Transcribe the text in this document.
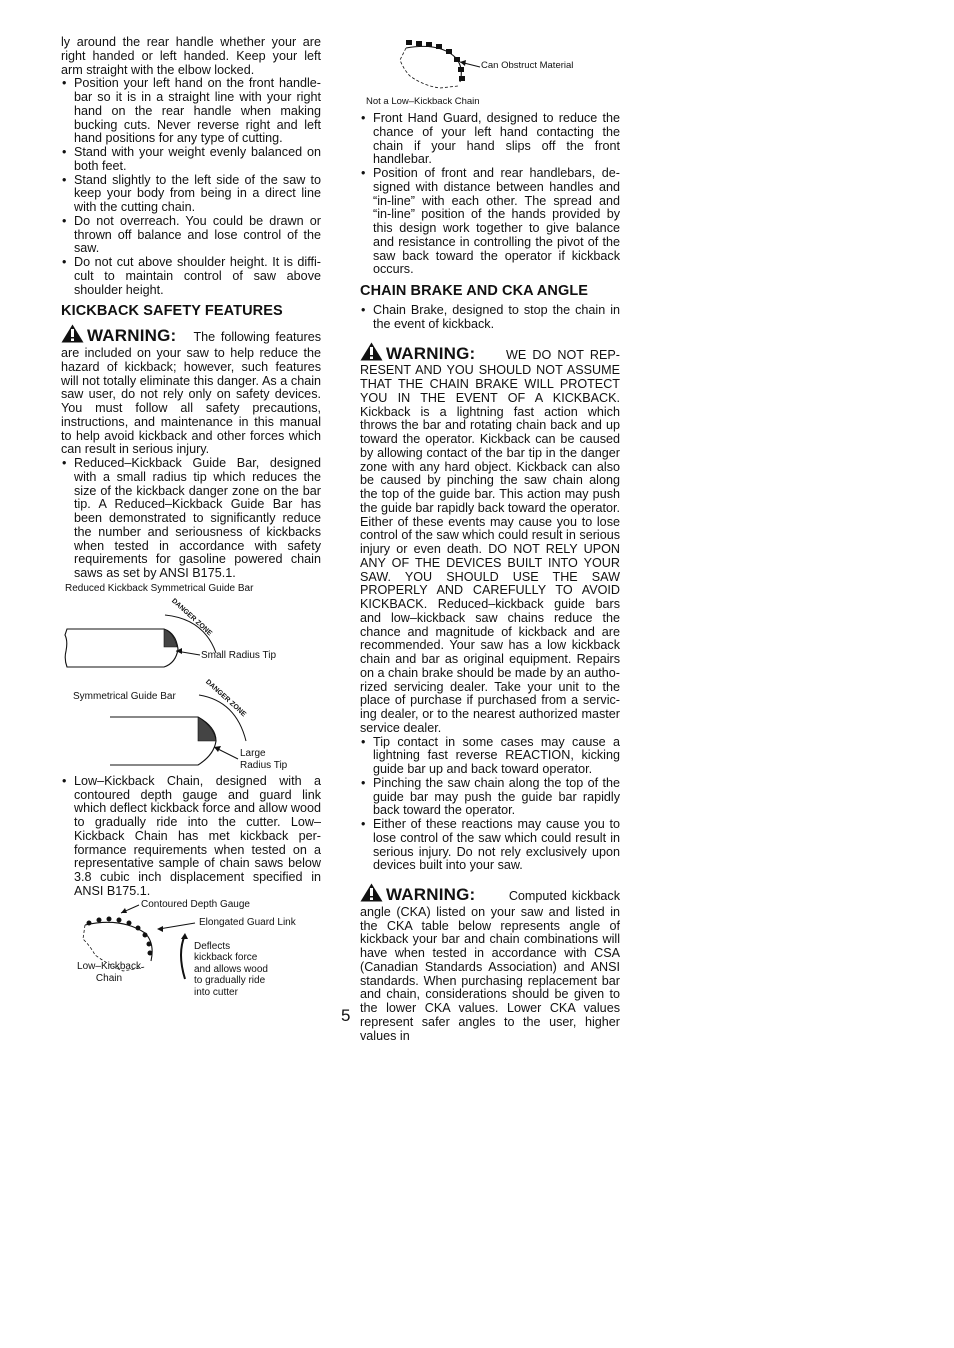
ly around the rear handle whether your are right handed or left handed. Keep your left arm straight with the elbow locked.

• Position your left hand on the front handlebar so it is in a straight line with your right hand on the rear handle when making bucking cuts. Never reverse right and left hand positions for any type of cutting.
• Stand with your weight evenly balanced on both feet.
• Stand slightly to the left side of the saw to keep your body from being in a direct line with the cutting chain.
• Do not overreach. You could be drawn or thrown off balance and lose control of the saw.
• Do not cut above shoulder height. It is difficult to maintain control of saw above shoulder height.
KICKBACK SAFETY FEATURES

WARNING: The following features are included on your saw to help reduce the hazard of kickback; however, such features will not totally eliminate this danger. As a chain saw user, do not rely only on safety devices. You must follow all safety precautions, instructions, and maintenance in this manual to help avoid kickback and other forces which can result in serious injury.

• Reduced–Kickback Guide Bar, designed with a small radius tip which reduces the size of the kickback danger zone on the bar tip. A Reduced–Kickback Guide Bar has been demonstrated to significantly reduce the number and seriousness of kickbacks when tested in accordance with safety requirements for gasoline powered chain saws as set by ANSI B175.1.
Reduced Kickback Symmetrical Guide Bar
DANGER ZONE
Small Radius Tip
Symmetrical Guide Bar	DANGER ZONE
Large
Radius Tip
• Low–Kickback Chain, designed with a contoured depth gauge and guard link which deflect kickback force and allow wood to gradually ride into the cutter. Low–Kickback Chain has met kickback performance requirements when tested on a representative sample of chain saws below 3.8 cubic inch displacement specified in ANSI B175.1.
Contoured Depth Gauge
Elongated Guard Link
Deflects
kickback force
and allows wood
to gradually ride
into cutter
Low–Kickback
Chain
5
Can Obstruct Material
Not a Low–Kickback Chain
• Front Hand Guard, designed to reduce the chance of your left hand contacting the chain if your hand slips off the front handlebar.
• Position of front and rear handlebars, designed with distance between handles and “in‑line” with each other. The spread and “in‑line” position of the hands provided by this design work together to give balance and resistance in controlling the pivot of the saw back toward the operator if kickback occurs.
CHAIN BRAKE AND CKA ANGLE
• Chain Brake, designed to stop the chain in the event of kickback.

WARNING: WE DO NOT REPRESENT AND YOU SHOULD NOT ASSUME THAT THE CHAIN BRAKE WILL PROTECT YOU IN THE EVENT OF A KICKBACK. Kickback is a lightning fast action which throws the bar and rotating chain back and up toward the operator. Kickback can be caused by allowing contact of the bar tip in the danger zone with any hard object. Kickback can also be caused by pinching the saw chain along the top of the guide bar. This action may push the guide bar rapidly back toward the operator. Either of these events may cause you to lose control of the saw which could result in serious injury or even death. DO NOT RELY UPON ANY OF THE DEVICES BUILT INTO YOUR SAW. YOU SHOULD USE THE SAW PROPERLY AND CAREFULLY TO AVOID KICKBACK. Reduced–kickback guide bars and low–kickback saw chains reduce the chance and magnitude of kickback and are recommended. Your saw has a low kickback chain and bar as original equipment. Repairs on a chain brake should be made by an authorized servicing dealer. Take your unit to the place of purchase if purchased from a servicing dealer, or to the nearest authorized master service dealer.

• Tip contact in some cases may cause a lightning fast reverse REACTION, kicking guide bar up and back toward operator.
• Pinching the saw chain along the top of the guide bar may push the guide bar rapidly back toward the operator.
• Either of these reactions may cause you to lose control of the saw which could result in serious injury. Do not rely exclusively upon devices built into your saw.

WARNING:	Computed kickback angle (CKA) listed on your saw and listed in the CKA table below represents angle of kickback your bar and chain combinations will have when tested in accordance with CSA (Canadian Standards Association) and ANSI standards. When purchasing replacement bar and chain, considerations should be given to the lower CKA values. Lower CKA values represent safer angles to the user, higher values in
